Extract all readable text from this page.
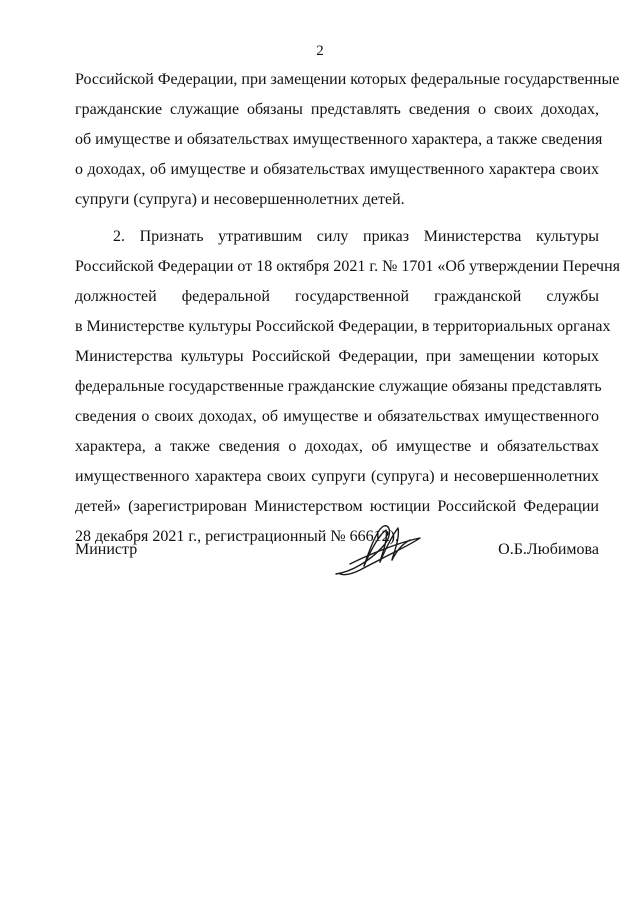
2
Российской Федерации, при замещении которых федеральные государственные
гражданские служащие обязаны представлять сведения о своих доходах,
об имуществе и обязательствах имущественного характера, а также сведения
о доходах, об имуществе и обязательствах имущественного характера своих
супруги (супруга) и несовершеннолетних детей.
2. Признать утратившим силу приказ Министерства культуры
Российской Федерации от 18 октября 2021 г. № 1701 «Об утверждении Перечня
должностей федеральной государственной гражданской службы
в Министерстве культуры Российской Федерации, в территориальных органах
Министерства культуры Российской Федерации, при замещении которых
федеральные государственные гражданские служащие обязаны представлять
сведения о своих доходах, об имуществе и обязательствах имущественного
характера, а также сведения о доходах, об имуществе и обязательствах
имущественного характера своих супруги (супруга) и несовершеннолетних
детей» (зарегистрирован Министерством юстиции Российской Федерации
28 декабря 2021 г., регистрационный № 66612).
Министр	О.Б.Любимова
